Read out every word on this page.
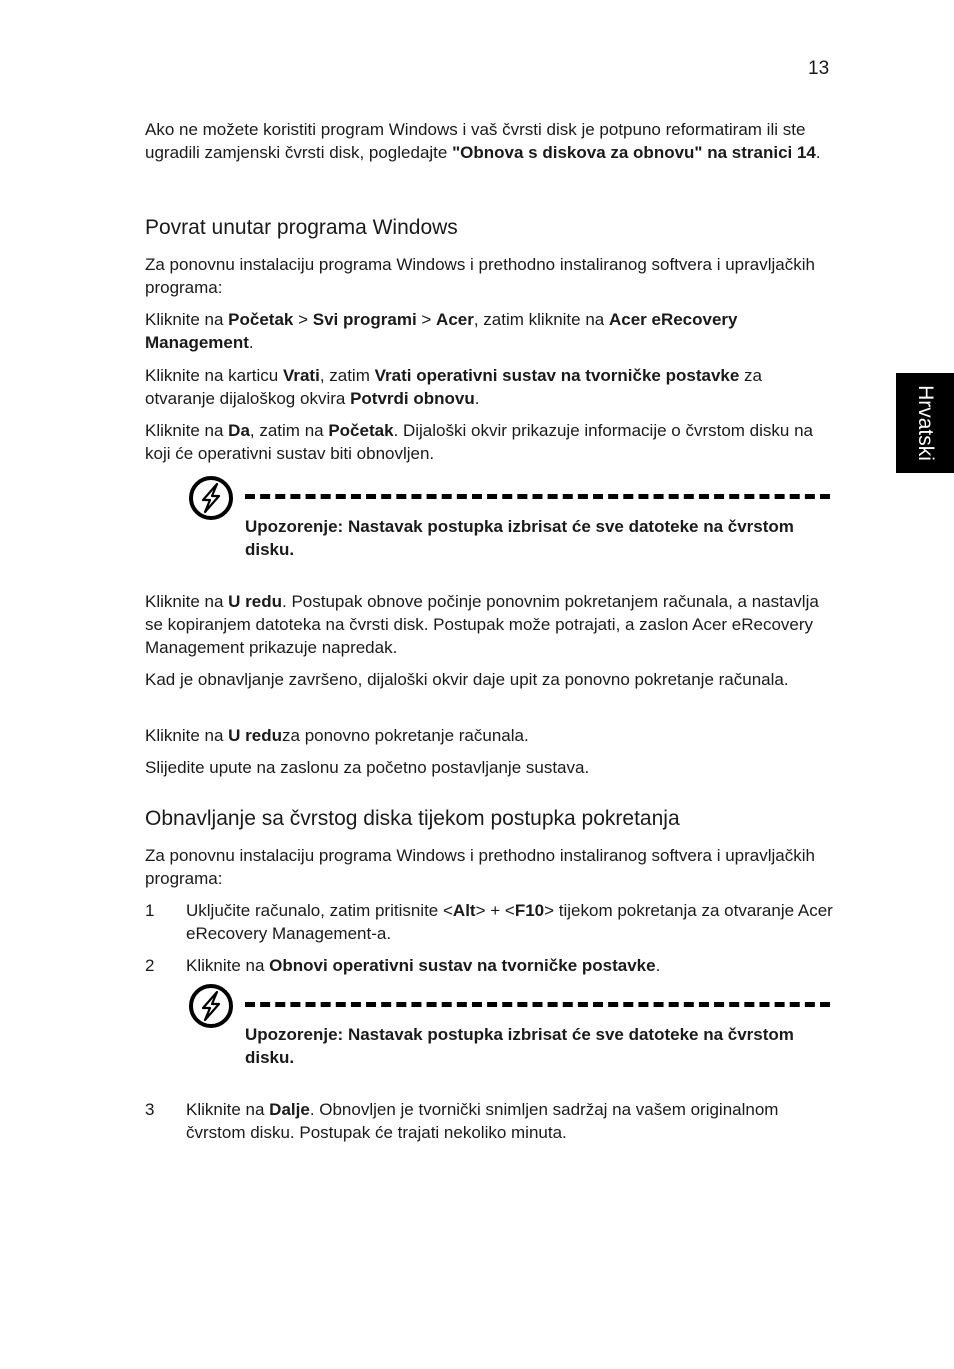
13
Hrvatski

Ako ne možete koristiti program Windows i vaš čvrsti disk je potpuno reformatiram ili ste ugradili zamjenski čvrsti disk, pogledajte "Obnova s diskova za obnovu" na stranici 14.

Povrat unutar programa Windows

Za ponovnu instalaciju programa Windows i prethodno instaliranog softvera i upravljačkih programa:

Kliknite na Početak > Svi programi > Acer, zatim kliknite na Acer eRecovery Management.

Kliknite na karticu Vrati, zatim Vrati operativni sustav na tvorničke postavke za otvaranje dijaloškog okvira Potvrdi obnovu.

Kliknite na Da, zatim na Početak. Dijaloški okvir prikazuje informacije o čvrstom disku na koji će operativni sustav biti obnovljen.

Upozorenje: Nastavak postupka izbrisat će sve datoteke na čvrstom disku.

Kliknite na U redu. Postupak obnove počinje ponovnim pokretanjem računala, a nastavlja se kopiranjem datoteka na čvrsti disk. Postupak može potrajati, a zaslon Acer eRecovery Management prikazuje napredak.

Kad je obnavljanje završeno, dijaloški okvir daje upit za ponovno pokretanje računala.

Kliknite na U reduza ponovno pokretanje računala.

Slijedite upute na zaslonu za početno postavljanje sustava.

Obnavljanje sa čvrstog diska tijekom postupka pokretanja

Za ponovnu instalaciju programa Windows i prethodno instaliranog softvera i upravljačkih programa:

1 Uključite računalo, zatim pritisnite <Alt> + <F10> tijekom pokretanja za otvaranje Acer eRecovery Management-a.

2 Kliknite na Obnovi operativni sustav na tvorničke postavke.

Upozorenje: Nastavak postupka izbrisat će sve datoteke na čvrstom disku.

3 Kliknite na Dalje. Obnovljen je tvornički snimljen sadržaj na vašem originalnom čvrstom disku. Postupak će trajati nekoliko minuta.
